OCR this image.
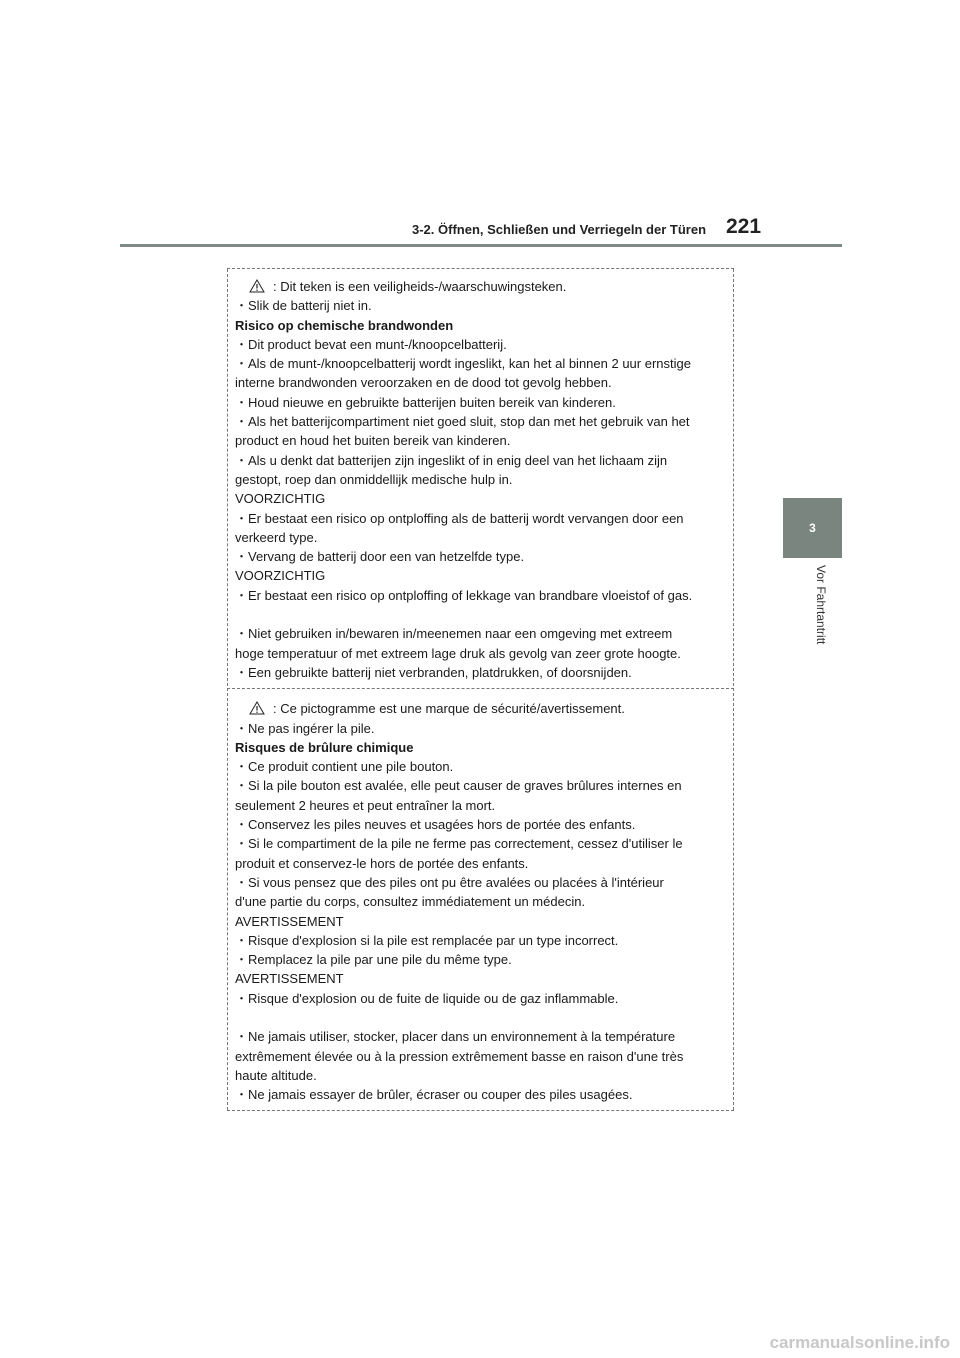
3-2. Öffnen, Schließen und Verriegeln der Türen 221
3
Vor Fahrtantritt
: Dit teken is een veiligheids-/waarschuwingsteken.
・Slik de batterij niet in.
Risico op chemische brandwonden
・Dit product bevat een munt-/knoopcelbatterij.
・Als de munt-/knoopcelbatterij wordt ingeslikt, kan het al binnen 2 uur ernstige
interne brandwonden veroorzaken en de dood tot gevolg hebben.
・Houd nieuwe en gebruikte batterijen buiten bereik van kinderen.
・Als het batterijcompartiment niet goed sluit, stop dan met het gebruik van het
product en houd het buiten bereik van kinderen.
・Als u denkt dat batterijen zijn ingeslikt of in enig deel van het lichaam zijn
gestopt, roep dan onmiddellijk medische hulp in.
VOORZICHTIG
・Er bestaat een risico op ontploffing als de batterij wordt vervangen door een
verkeerd type.
・Vervang de batterij door een van hetzelfde type.
VOORZICHTIG
・Er bestaat een risico op ontploffing of lekkage van brandbare vloeistof of gas.
・Niet gebruiken in/bewaren in/meenemen naar een omgeving met extreem
hoge temperatuur of met extreem lage druk als gevolg van zeer grote hoogte.
・Een gebruikte batterij niet verbranden, platdrukken, of doorsnijden.
: Ce pictogramme est une marque de sécurité/avertissement.
・Ne pas ingérer la pile.
Risques de brûlure chimique
・Ce produit contient une pile bouton.
・Si la pile bouton est avalée, elle peut causer de graves brûlures internes en
seulement 2 heures et peut entraîner la mort.
・Conservez les piles neuves et usagées hors de portée des enfants.
・Si le compartiment de la pile ne ferme pas correctement, cessez d'utiliser le
produit et conservez-le hors de portée des enfants.
・Si vous pensez que des piles ont pu être avalées ou placées à l'intérieur
d'une partie du corps, consultez immédiatement un médecin.
AVERTISSEMENT
・Risque d'explosion si la pile est remplacée par un type incorrect.
・Remplacez la pile par une pile du même type.
AVERTISSEMENT
・Risque d'explosion ou de fuite de liquide ou de gaz inflammable.
・Ne jamais utiliser, stocker, placer dans un environnement à la température
extrêmement élevée ou à la pression extrêmement basse en raison d'une très
haute altitude.
・Ne jamais essayer de brûler, écraser ou couper des piles usagées.
carmanualsonline.info
